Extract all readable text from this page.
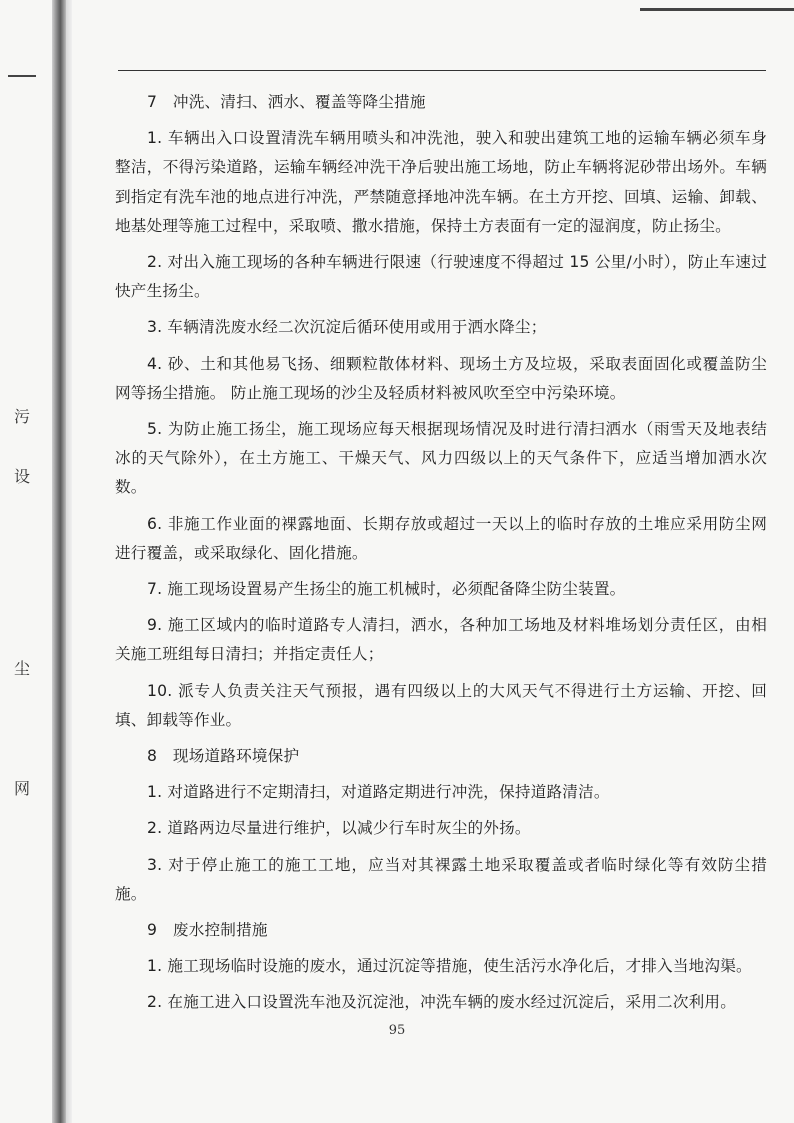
污
设
尘
网

7　冲洗、清扫、洒水、覆盖等降尘措施

1. 车辆出入口设置清洗车辆用喷头和冲洗池，驶入和驶出建筑工地的运输车辆必须车身整洁，不得污染道路，运输车辆经冲洗干净后驶出施工场地，防止车辆将泥砂带出场外。车辆到指定有洗车池的地点进行冲洗，严禁随意择地冲洗车辆。在土方开挖、回填、运输、卸载、地基处理等施工过程中，采取喷、撒水措施，保持土方表面有一定的湿润度，防止扬尘。

2. 对出入施工现场的各种车辆进行限速（行驶速度不得超过 15 公里/小时），防止车速过快产生扬尘。

3. 车辆清洗废水经二次沉淀后循环使用或用于洒水降尘；

4. 砂、土和其他易飞扬、细颗粒散体材料、现场土方及垃圾，采取表面固化或覆盖防尘网等扬尘措施。 防止施工现场的沙尘及轻质材料被风吹至空中污染环境。

5. 为防止施工扬尘，施工现场应每天根据现场情况及时进行清扫洒水（雨雪天及地表结冰的天气除外），在土方施工、干燥天气、风力四级以上的天气条件下，应适当增加洒水次数。

6. 非施工作业面的裸露地面、长期存放或超过一天以上的临时存放的土堆应采用防尘网进行覆盖，或采取绿化、固化措施。

7. 施工现场设置易产生扬尘的施工机械时，必须配备降尘防尘装置。

9. 施工区域内的临时道路专人清扫，洒水，各种加工场地及材料堆场划分责任区，由相关施工班组每日清扫；并指定责任人；

10. 派专人负责关注天气预报，遇有四级以上的大风天气不得进行土方运输、开挖、回填、卸载等作业。

8　现场道路环境保护

1. 对道路进行不定期清扫，对道路定期进行冲洗，保持道路清洁。

2. 道路两边尽量进行维护，以减少行车时灰尘的外扬。

3. 对于停止施工的施工工地，应当对其裸露土地采取覆盖或者临时绿化等有效防尘措施。

9　废水控制措施

1. 施工现场临时设施的废水，通过沉淀等措施，使生活污水净化后，才排入当地沟渠。

2. 在施工进入口设置洗车池及沉淀池，冲洗车辆的废水经过沉淀后，采用二次利用。

95
